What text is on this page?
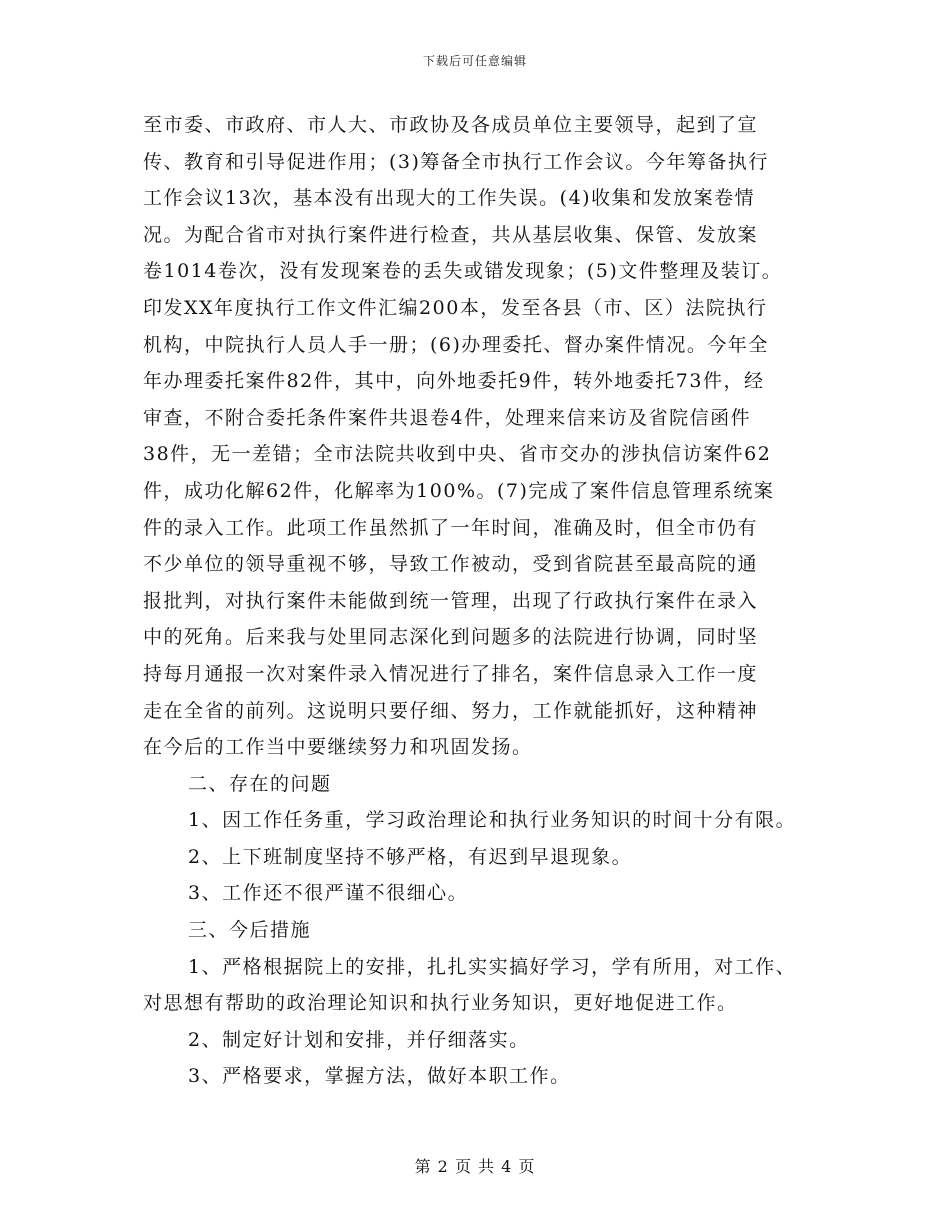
下载后可任意编辑
至市委、市政府、市人大、市政协及各成员单位主要领导，起到了宣
传、教育和引导促进作用；(3)筹备全市执行工作会议。今年筹备执行
工作会议13次，基本没有出现大的工作失误。(4)收集和发放案卷情
况。为配合省市对执行案件进行检查，共从基层收集、保管、发放案
卷1014卷次，没有发现案卷的丢失或错发现象；(5)文件整理及装订。
印发XX年度执行工作文件汇编200本，发至各县（市、区）法院执行
机构，中院执行人员人手一册；(6)办理委托、督办案件情况。今年全
年办理委托案件82件，其中，向外地委托9件，转外地委托73件，经
审查，不附合委托条件案件共退卷4件，处理来信来访及省院信函件
38件，无一差错；全市法院共收到中央、省市交办的涉执信访案件62
件，成功化解62件，化解率为100%。(7)完成了案件信息管理系统案
件的录入工作。此项工作虽然抓了一年时间，准确及时，但全市仍有
不少单位的领导重视不够，导致工作被动，受到省院甚至最高院的通
报批判，对执行案件未能做到统一管理，出现了行政执行案件在录入
中的死角。后来我与处里同志深化到问题多的法院进行协调，同时坚
持每月通报一次对案件录入情况进行了排名，案件信息录入工作一度
走在全省的前列。这说明只要仔细、努力，工作就能抓好，这种精神
在今后的工作当中要继续努力和巩固发扬。
二、存在的问题
1、因工作任务重，学习政治理论和执行业务知识的时间十分有限。
2、上下班制度坚持不够严格，有迟到早退现象。
3、工作还不很严谨不很细心。
三、今后措施
1、严格根据院上的安排，扎扎实实搞好学习，学有所用，对工作、
对思想有帮助的政治理论知识和执行业务知识，更好地促进工作。
2、制定好计划和安排，并仔细落实。
3、严格要求，掌握方法，做好本职工作。
第 2 页 共 4 页
